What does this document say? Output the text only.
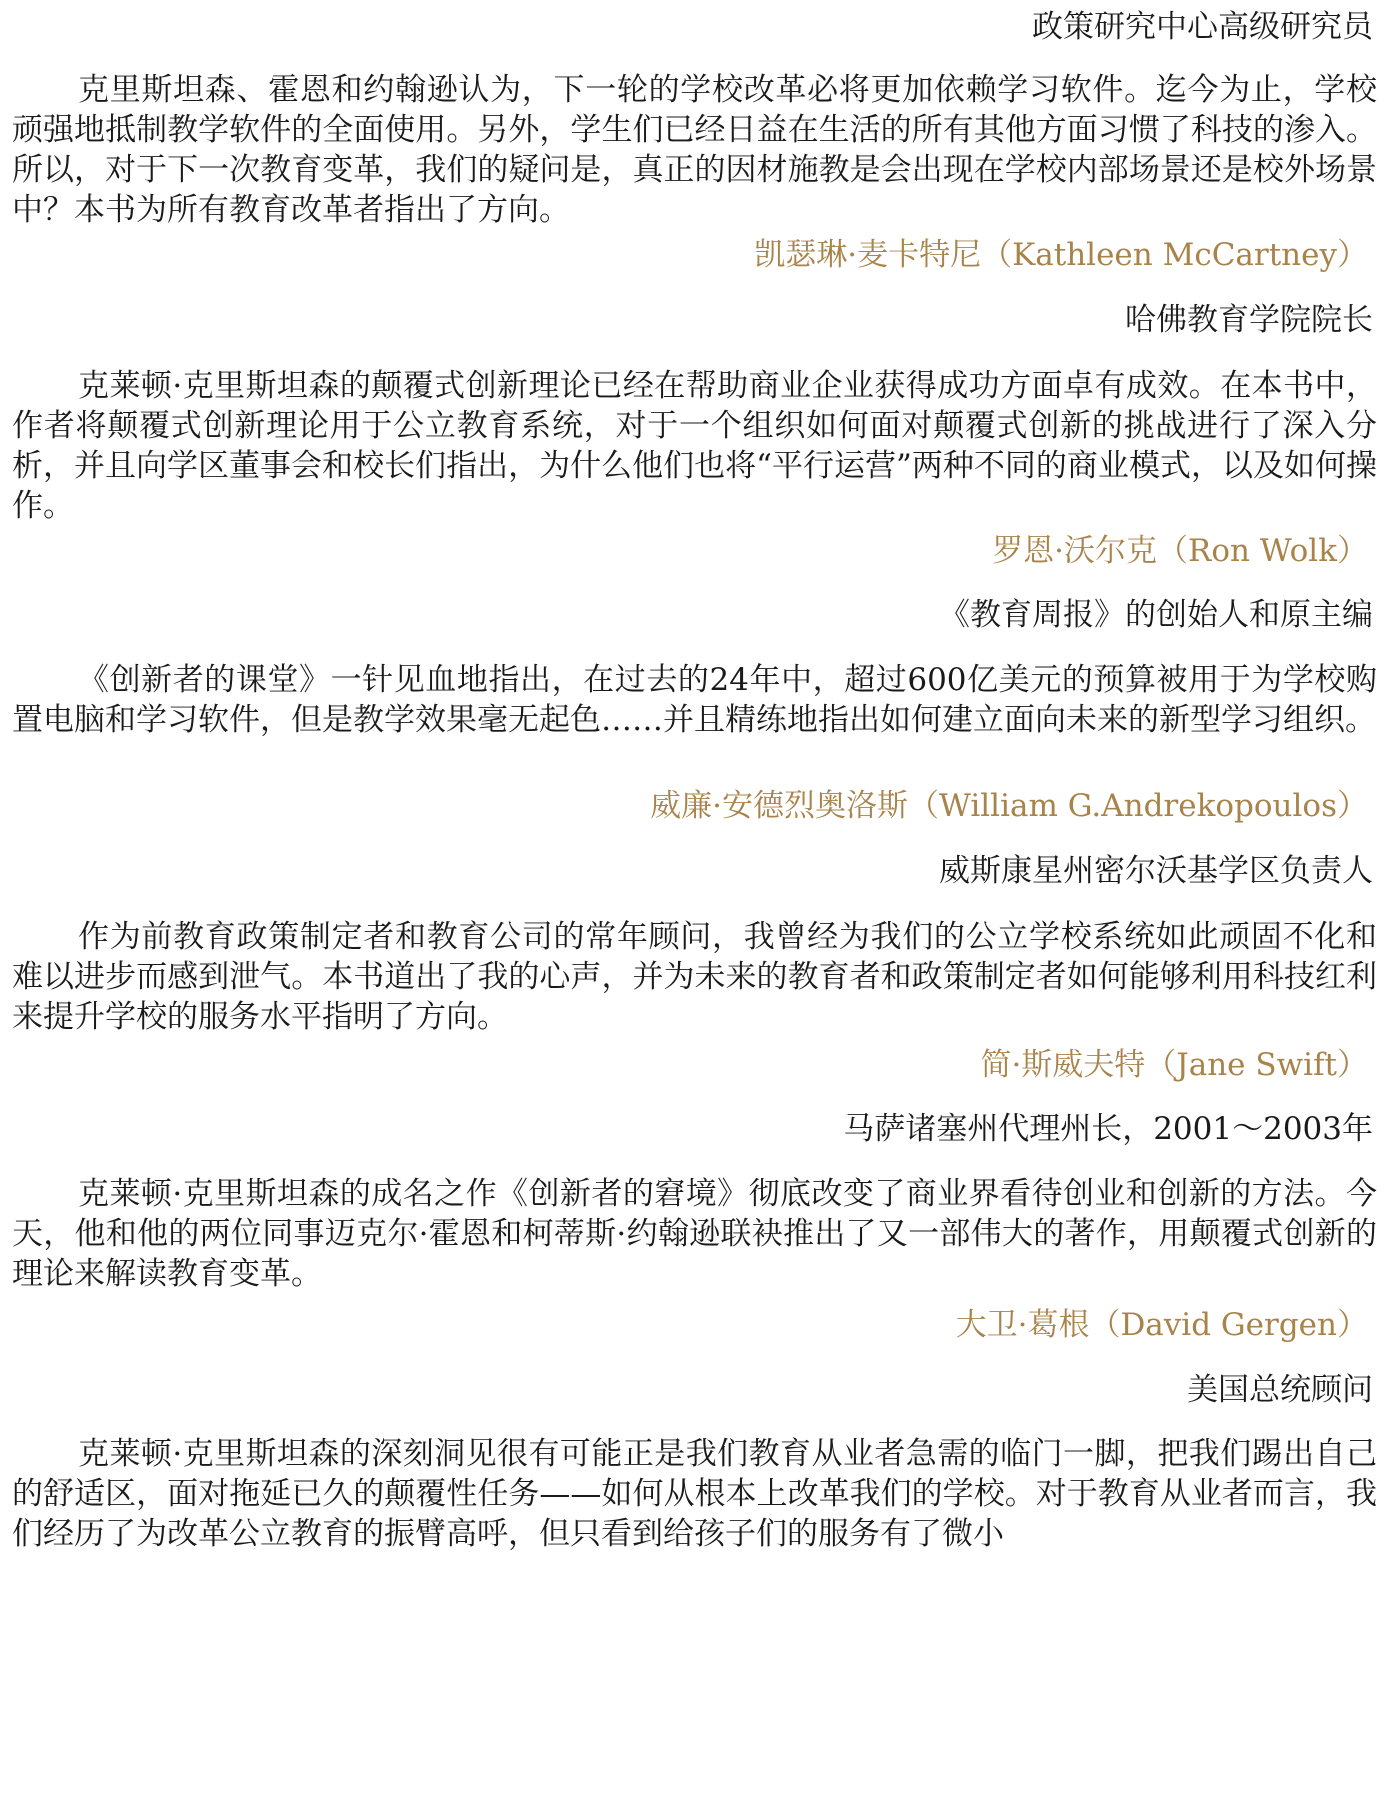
政策研究中心高级研究员

克里斯坦森、霍恩和约翰逊认为，下一轮的学校改革必将更加依赖学习软件。迄今为止，学校顽强地抵制教学软件的全面使用。另外，学生们已经日益在生活的所有其他方面习惯了科技的渗入。所以，对于下一次教育变革，我们的疑问是，真正的因材施教是会出现在学校内部场景还是校外场景中？本书为所有教育改革者指出了方向。

凯瑟琳·麦卡特尼（Kathleen McCartney）
哈佛教育学院院长

克莱顿·克里斯坦森的颠覆式创新理论已经在帮助商业企业获得成功方面卓有成效。在本书中，作者将颠覆式创新理论用于公立教育系统，对于一个组织如何面对颠覆式创新的挑战进行了深入分析，并且向学区董事会和校长们指出，为什么他们也将“平行运营”两种不同的商业模式，以及如何操作。

罗恩·沃尔克（Ron Wolk）
《教育周报》的创始人和原主编

《创新者的课堂》一针见血地指出，在过去的24年中，超过600亿美元的预算被用于为学校购置电脑和学习软件，但是教学效果毫无起色……并且精练地指出如何建立面向未来的新型学习组织。

威廉·安德烈奥洛斯（William G.Andrekopoulos）
威斯康星州密尔沃基学区负责人

作为前教育政策制定者和教育公司的常年顾问，我曾经为我们的公立学校系统如此顽固不化和难以进步而感到泄气。本书道出了我的心声，并为未来的教育者和政策制定者如何能够利用科技红利来提升学校的服务水平指明了方向。

简·斯威夫特（Jane Swift）
马萨诸塞州代理州长，2001～2003年

克莱顿·克里斯坦森的成名之作《创新者的窘境》彻底改变了商业界看待创业和创新的方法。今天，他和他的两位同事迈克尔·霍恩和柯蒂斯·约翰逊联袂推出了又一部伟大的著作，用颠覆式创新的理论来解读教育变革。

大卫·葛根（David Gergen）
美国总统顾问

克莱顿·克里斯坦森的深刻洞见很有可能正是我们教育从业者急需的临门一脚，把我们踢出自己的舒适区，面对拖延已久的颠覆性任务——如何从根本上改革我们的学校。对于教育从业者而言，我们经历了为改革公立教育的振臂高呼，但只看到给孩子们的服务有了微小
